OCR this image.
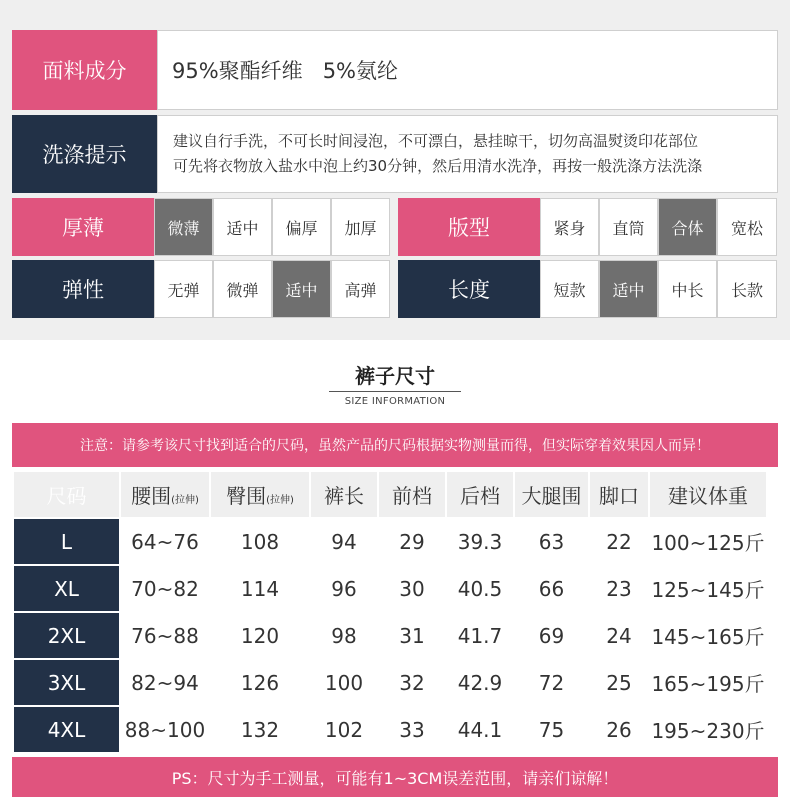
面料成分	95%聚酯纤维   5%氨纶
洗涤提示
建议自行手洗，不可长时间浸泡，不可漂白，悬挂晾干，切勿高温熨烫印花部位
可先将衣物放入盐水中泡上约30分钟，然后用清水洗净，再按一般洗涤方法洗涤
厚薄	微薄	适中	偏厚	加厚	版型	紧身	直筒	合体	宽松
弹性	无弹	微弹	适中	高弹	长度	短款	适中	中长	长款
裤子尺寸
SIZE INFORMATION
注意：请参考该尺寸找到适合的尺码，虽然产品的尺码根据实物测量而得，但实际穿着效果因人而异！
尺码	腰围(拉伸)	臀围(拉伸)	裤长	前档	后档	大腿围	脚口	建议体重
L	64~76	108	94	29	39.3	63	22	100~125斤
XL	70~82	114	96	30	40.5	66	23	125~145斤
2XL	76~88	120	98	31	41.7	69	24	145~165斤
3XL	82~94	126	100	32	42.9	72	25	165~195斤
4XL	88~100	132	102	33	44.1	75	26	195~230斤
PS：尺寸为手工测量，可能有1~3CM误差范围，请亲们谅解！
